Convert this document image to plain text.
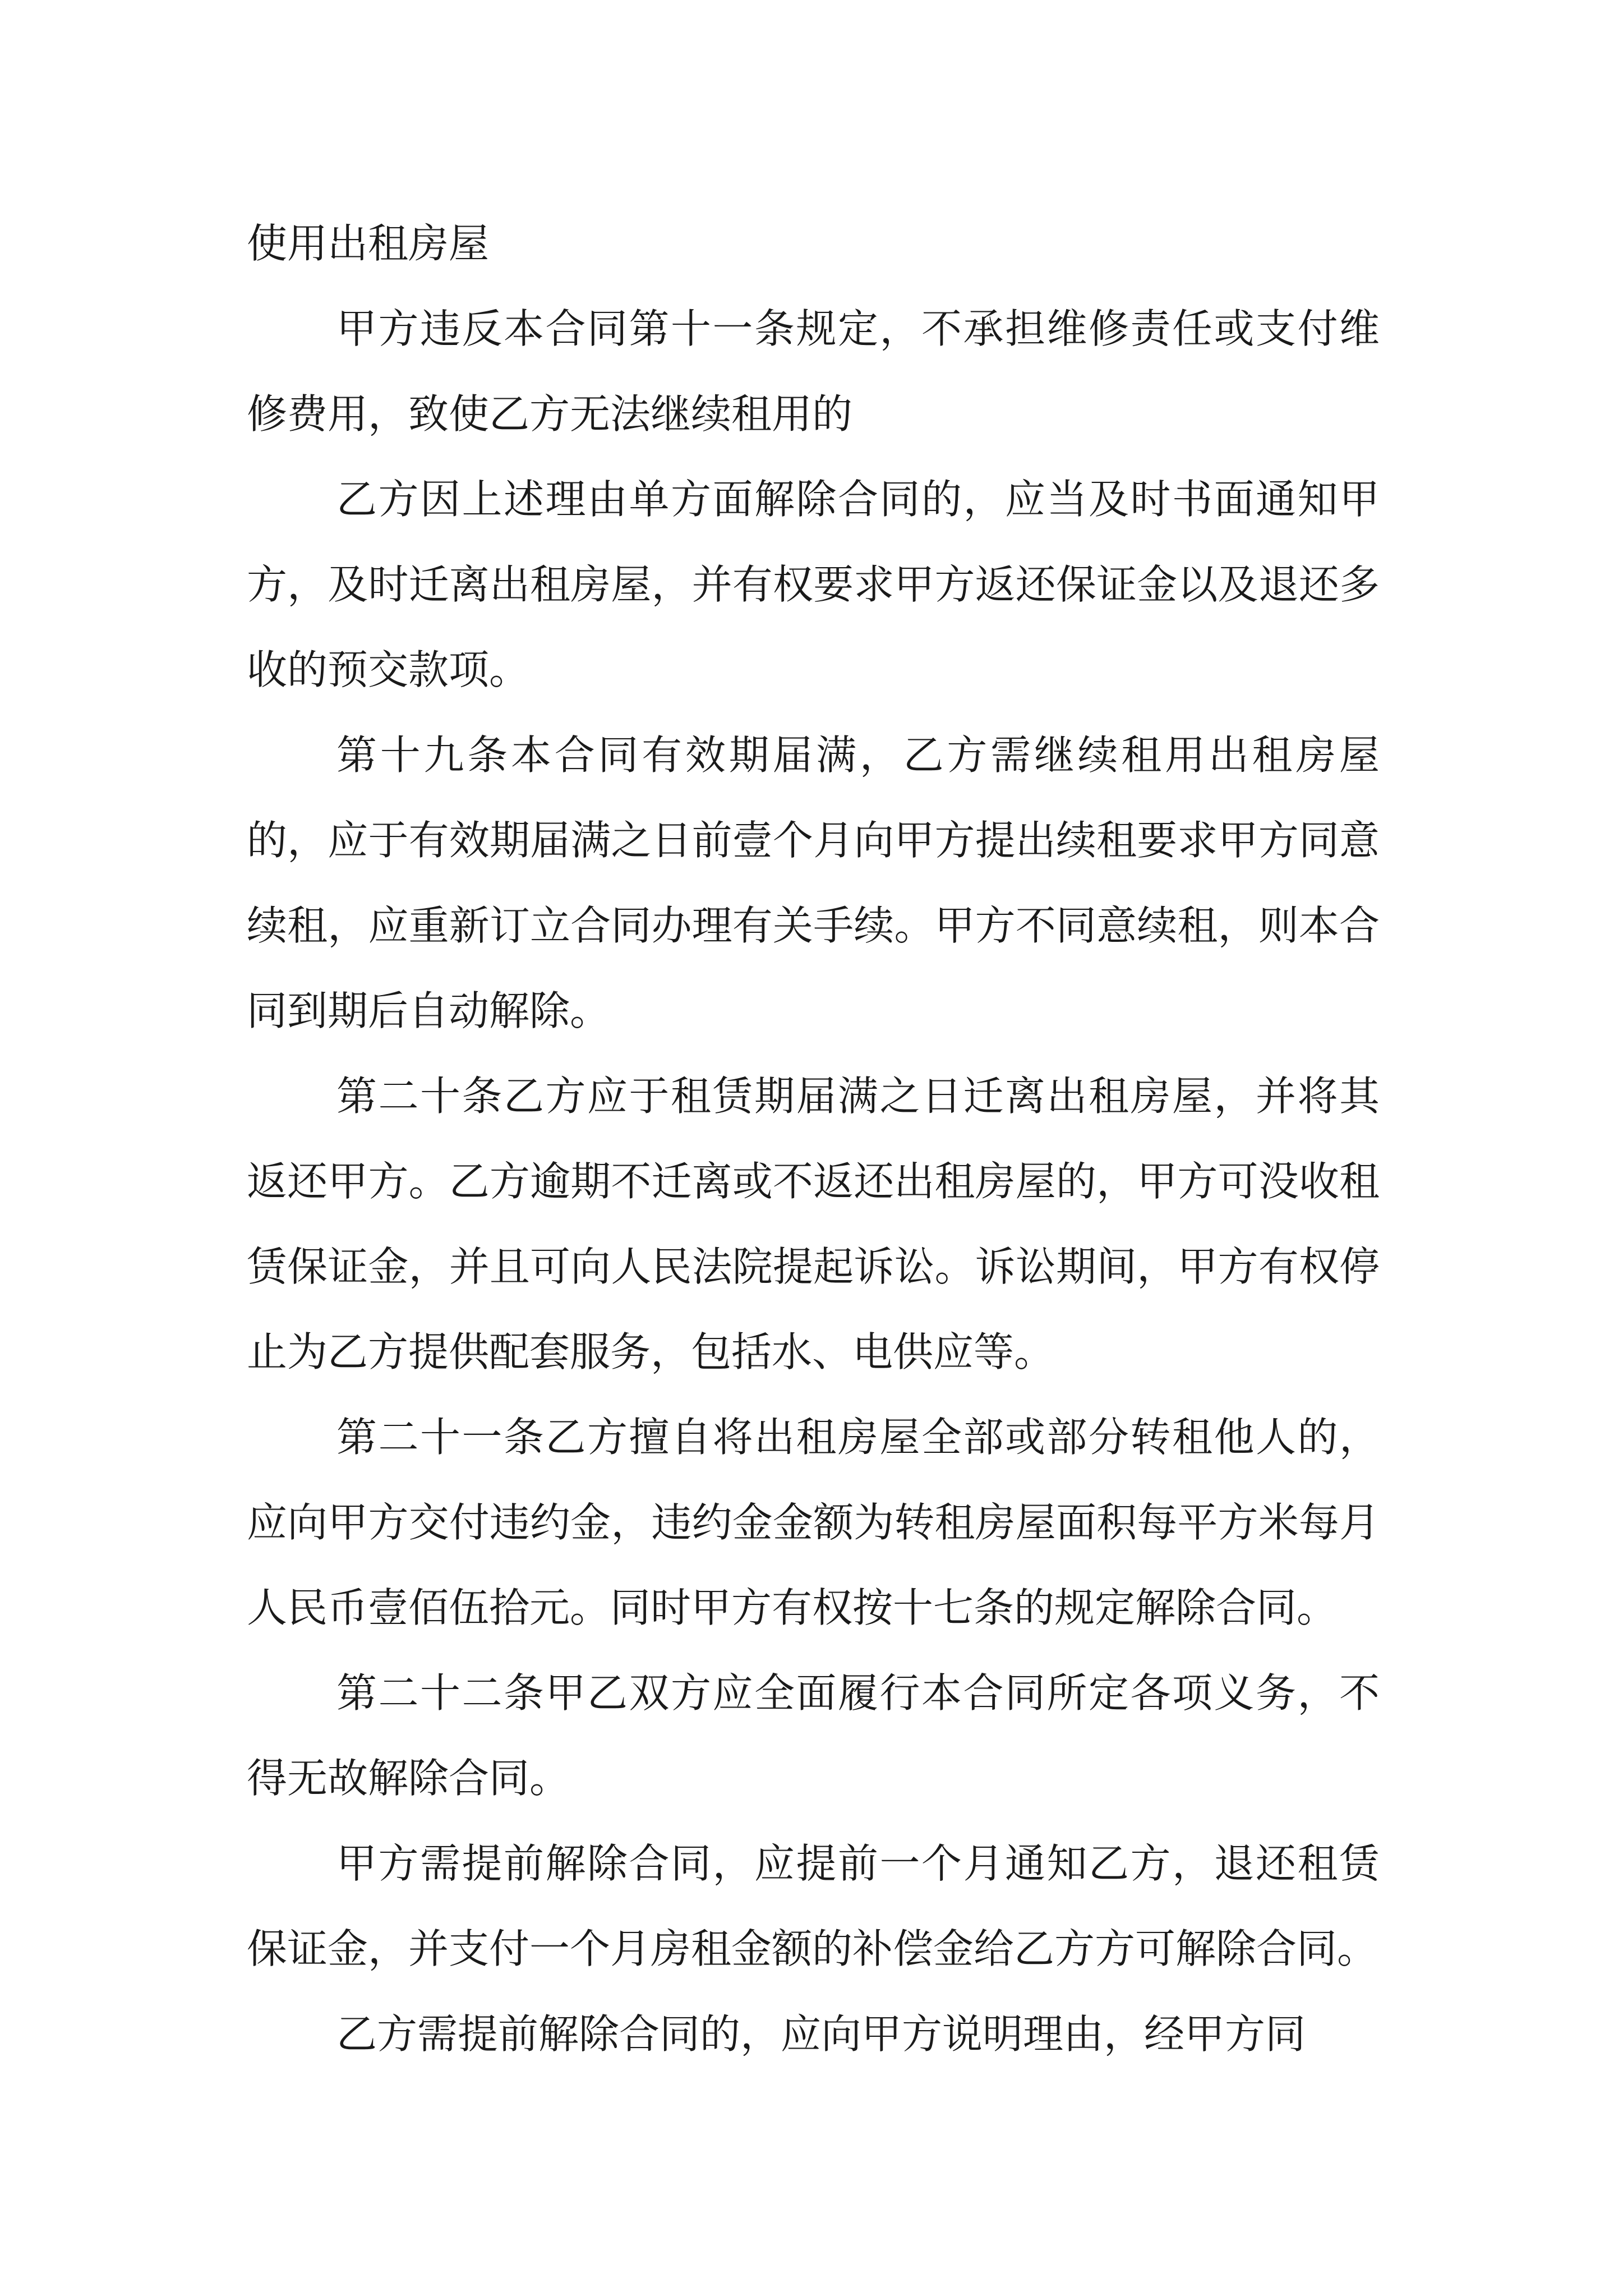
使用出租房屋

甲方违反本合同第十一条规定，不承担维修责任或支付维修费用，致使乙方无法继续租用的

乙方因上述理由单方面解除合同的，应当及时书面通知甲方，及时迁离出租房屋，并有权要求甲方返还保证金以及退还多收的预交款项。

第十九条本合同有效期届满，乙方需继续租用出租房屋的，应于有效期届满之日前壹个月向甲方提出续租要求甲方同意续租，应重新订立合同办理有关手续。甲方不同意续租，则本合同到期后自动解除。

第二十条乙方应于租赁期届满之日迁离出租房屋，并将其返还甲方。乙方逾期不迁离或不返还出租房屋的，甲方可没收租赁保证金，并且可向人民法院提起诉讼。诉讼期间，甲方有权停止为乙方提供配套服务，包括水、电供应等。

第二十一条乙方擅自将出租房屋全部或部分转租他人的，应向甲方交付违约金，违约金金额为转租房屋面积每平方米每月人民币壹佰伍拾元。同时甲方有权按十七条的规定解除合同。

第二十二条甲乙双方应全面履行本合同所定各项义务，不得无故解除合同。

甲方需提前解除合同，应提前一个月通知乙方，退还租赁保证金，并支付一个月房租金额的补偿金给乙方方可解除合同。

乙方需提前解除合同的，应向甲方说明理由，经甲方同
